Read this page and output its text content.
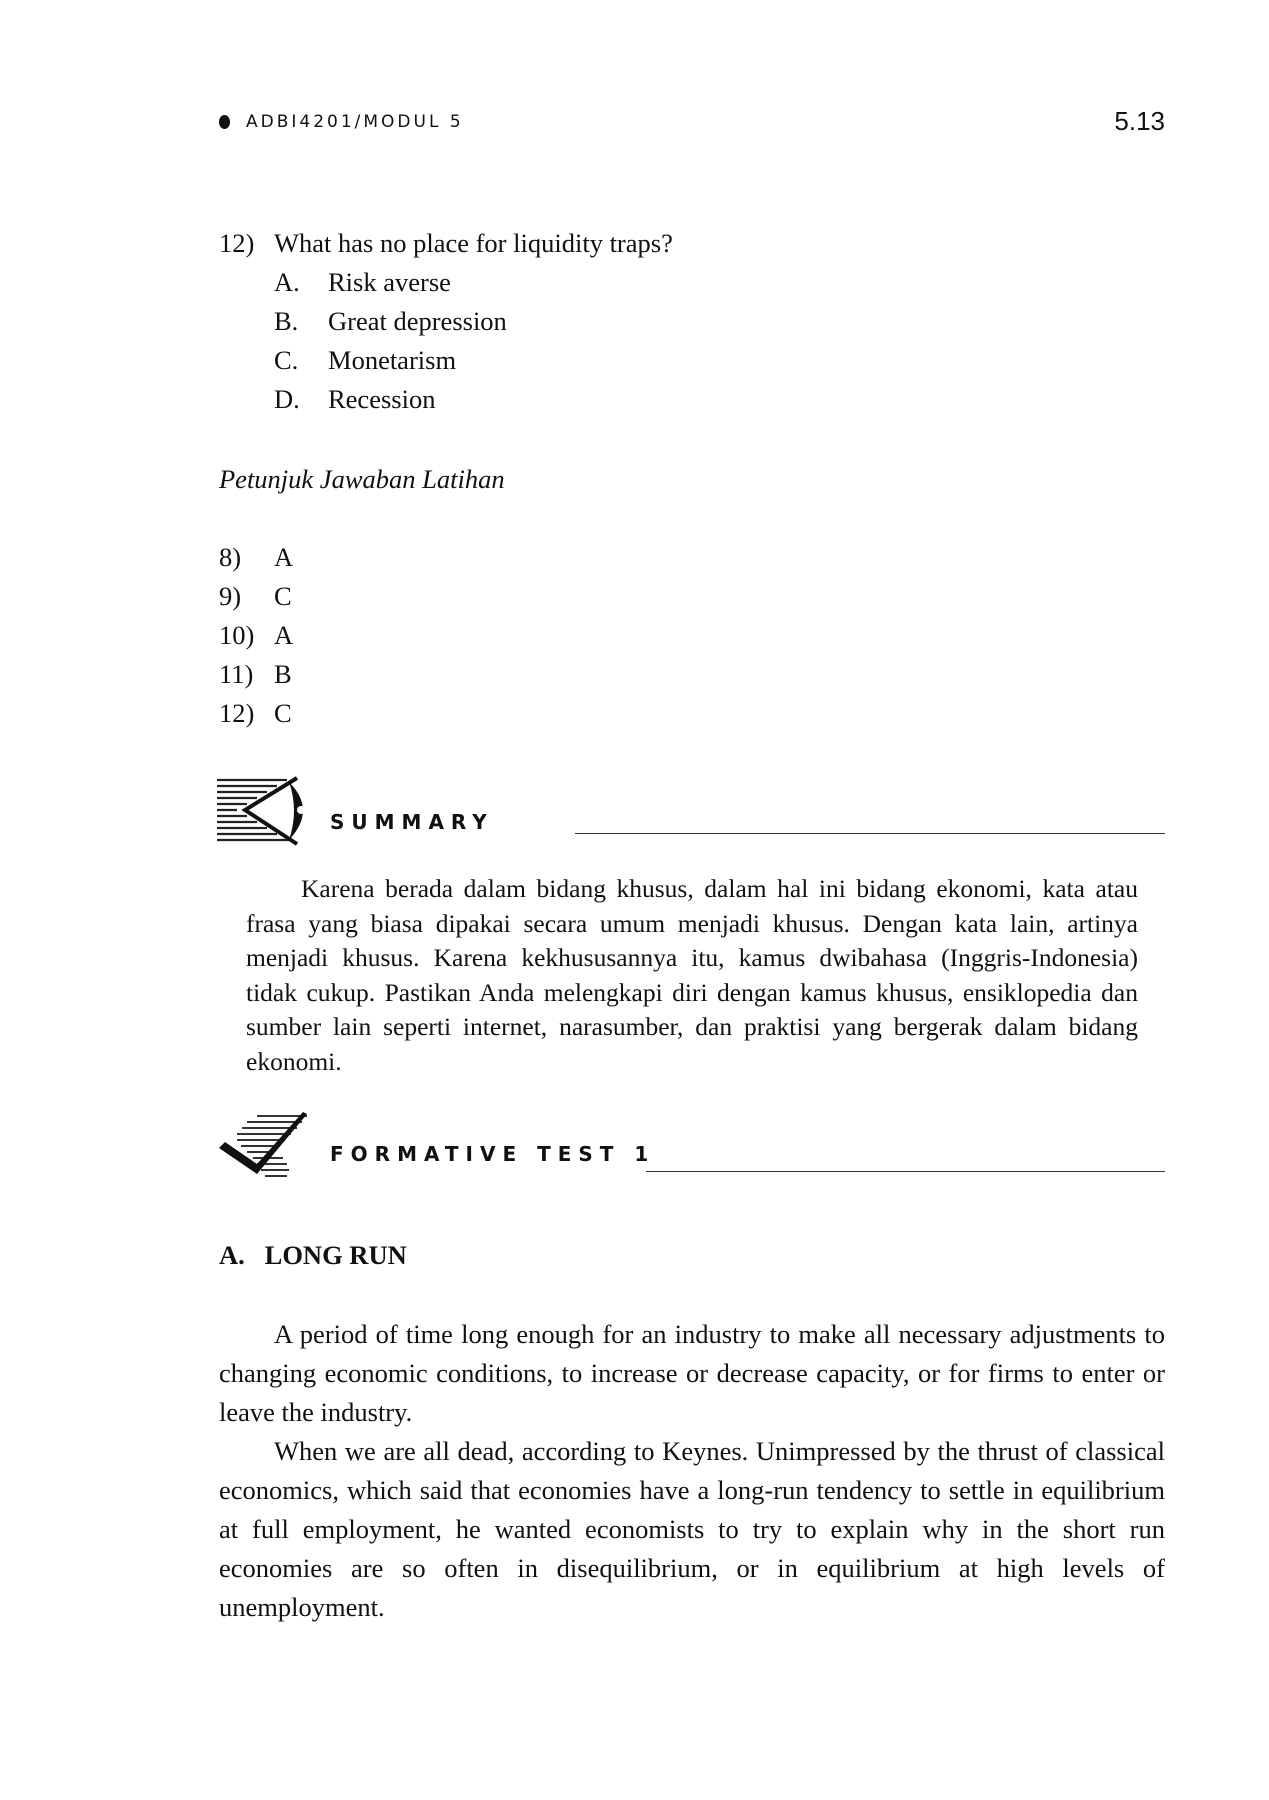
ADBI4201/MODUL 5	5.13
12) What has no place for liquidity traps?
A.	Risk averse
B.	Great depression
C.	Monetarism
D.	Recession
Petunjuk Jawaban Latihan
8)	A
9)	C
10) A
11) B
12) C
SUMMARY

Karena berada dalam bidang khusus, dalam hal ini bidang ekonomi, kata atau frasa yang biasa dipakai secara umum menjadi khusus. Dengan kata lain, artinya menjadi khusus. Karena kekhususannya itu, kamus dwibahasa (Inggris-Indonesia) tidak cukup. Pastikan Anda melengkapi diri dengan kamus khusus, ensiklopedia dan sumber lain seperti internet, narasumber, dan praktisi yang bergerak dalam bidang ekonomi.

FORMATIVE TEST 1
A.   LONG RUN

A period of time long enough for an industry to make all necessary adjustments to changing economic conditions, to increase or decrease capacity, or for firms to enter or leave the industry.

When we are all dead, according to Keynes. Unimpressed by the thrust of classical economics, which said that economies have a long-run tendency to settle in equilibrium at full employment, he wanted economists to try to explain why in the short run economies are so often in disequilibrium, or in equilibrium at high levels of unemployment.
